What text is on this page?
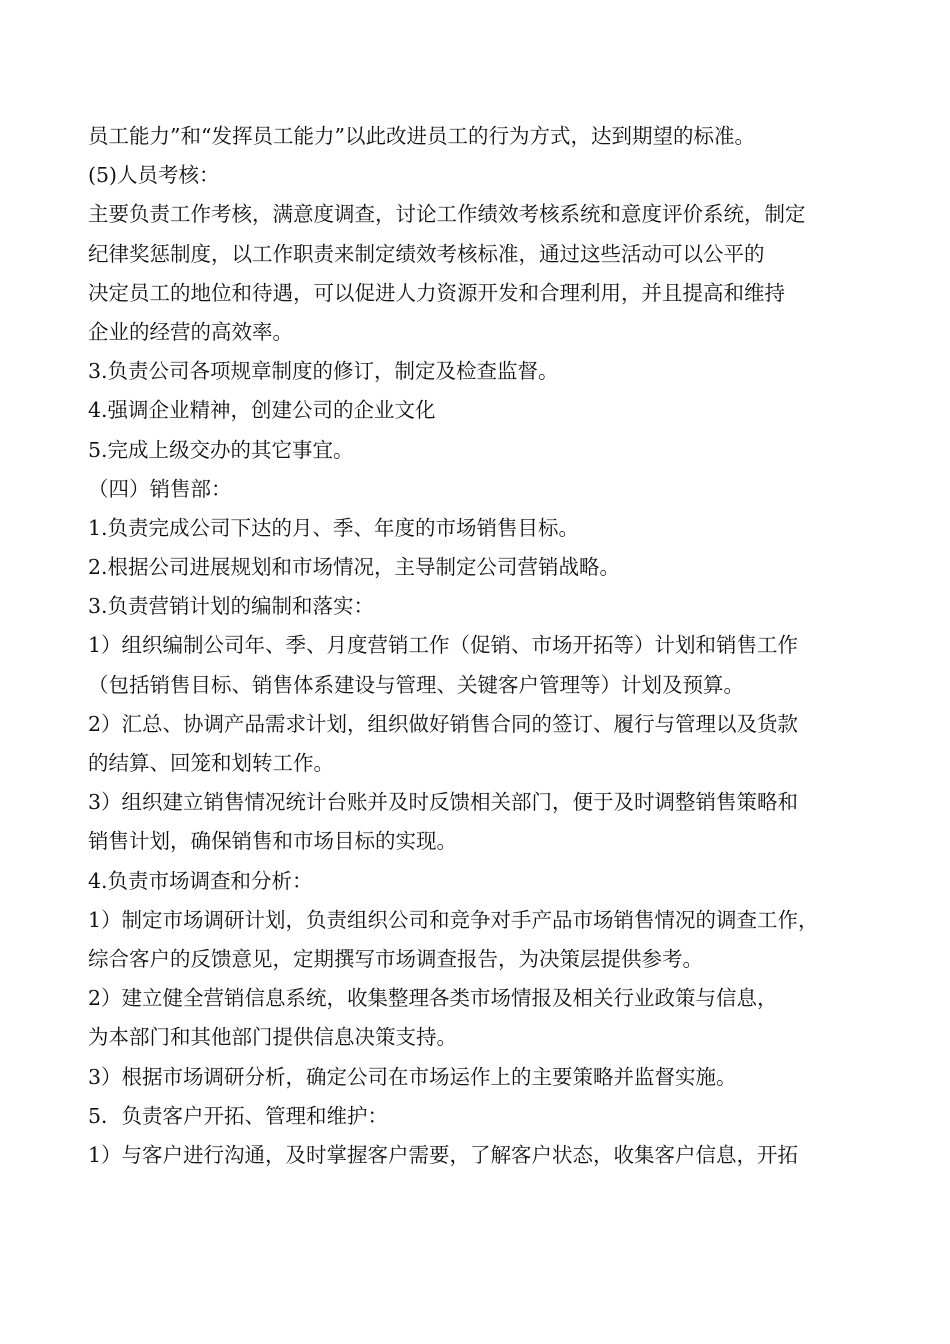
员工能力”和“发挥员工能力”以此改进员工的行为方式，达到期望的标准。
(5)人员考核：
主要负责工作考核，满意度调查，讨论工作绩效考核系统和意度评价系统，制定
纪律奖惩制度，以工作职责来制定绩效考核标准，通过这些活动可以公平的
决定员工的地位和待遇，可以促进人力资源开发和合理利用，并且提高和维持
企业的经营的高效率。
3.负责公司各项规章制度的修订，制定及检查监督。
4.强调企业精神，创建公司的企业文化
5.完成上级交办的其它事宜。
（四）销售部：
1.负责完成公司下达的月、季、年度的市场销售目标。
2.根据公司进展规划和市场情况，主导制定公司营销战略。
3.负责营销计划的编制和落实：
1）组织编制公司年、季、月度营销工作（促销、市场开拓等）计划和销售工作
（包括销售目标、销售体系建设与管理、关键客户管理等）计划及预算。
2）汇总、协调产品需求计划，组织做好销售合同的签订、履行与管理以及货款
的结算、回笼和划转工作。
3）组织建立销售情况统计台账并及时反馈相关部门，便于及时调整销售策略和
销售计划，确保销售和市场目标的实现。
4.负责市场调查和分析：
1）制定市场调研计划，负责组织公司和竞争对手产品市场销售情况的调查工作，
综合客户的反馈意见，定期撰写市场调查报告，为决策层提供参考。
2）建立健全营销信息系统，收集整理各类市场情报及相关行业政策与信息，
为本部门和其他部门提供信息决策支持。
3）根据市场调研分析，确定公司在市场运作上的主要策略并监督实施。
5．负责客户开拓、管理和维护：
1）与客户进行沟通，及时掌握客户需要，了解客户状态，收集客户信息，开拓
